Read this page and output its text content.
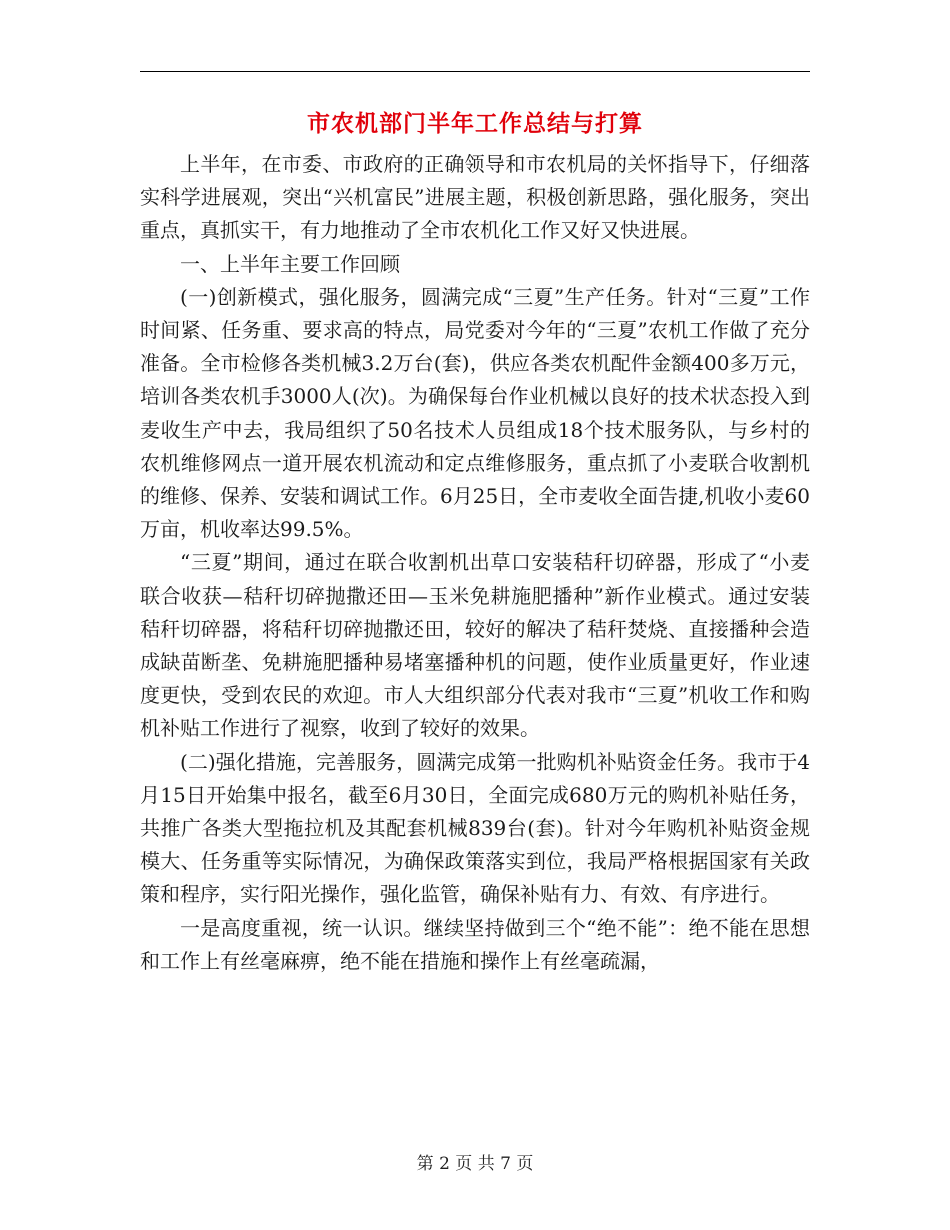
市农机部门半年工作总结与打算

上半年，在市委、市政府的正确领导和市农机局的关怀指导下，仔细落实科学进展观，突出“兴机富民”进展主题，积极创新思路，强化服务，突出重点，真抓实干，有力地推动了全市农机化工作又好又快进展。

一、上半年主要工作回顾

(一)创新模式，强化服务，圆满完成“三夏”生产任务。针对“三夏”工作时间紧、任务重、要求高的特点，局党委对今年的“三夏”农机工作做了充分准备。全市检修各类机械3.2万台(套)，供应各类农机配件金额400多万元，培训各类农机手3000人(次)。为确保每台作业机械以良好的技术状态投入到麦收生产中去，我局组织了50名技术人员组成18个技术服务队，与乡村的农机维修网点一道开展农机流动和定点维修服务，重点抓了小麦联合收割机的维修、保养、安装和调试工作。6月25日，全市麦收全面告捷,机收小麦60万亩，机收率达99.5%。

“三夏”期间，通过在联合收割机出草口安装秸秆切碎器，形成了“小麦联合收获—秸秆切碎抛撒还田—玉米免耕施肥播种”新作业模式。通过安装秸秆切碎器，将秸秆切碎抛撒还田，较好的解决了秸秆焚烧、直接播种会造成缺苗断垄、免耕施肥播种易堵塞播种机的问题，使作业质量更好，作业速度更快，受到农民的欢迎。市人大组织部分代表对我市“三夏”机收工作和购机补贴工作进行了视察，收到了较好的效果。

(二)强化措施，完善服务，圆满完成第一批购机补贴资金任务。我市于4月15日开始集中报名，截至6月30日，全面完成680万元的购机补贴任务，共推广各类大型拖拉机及其配套机械839台(套)。针对今年购机补贴资金规模大、任务重等实际情况，为确保政策落实到位，我局严格根据国家有关政策和程序，实行阳光操作，强化监管，确保补贴有力、有效、有序进行。

一是高度重视，统一认识。继续坚持做到三个“绝不能”：绝不能在思想和工作上有丝毫麻痹，绝不能在措施和操作上有丝毫疏漏，

第 2 页 共 7 页
